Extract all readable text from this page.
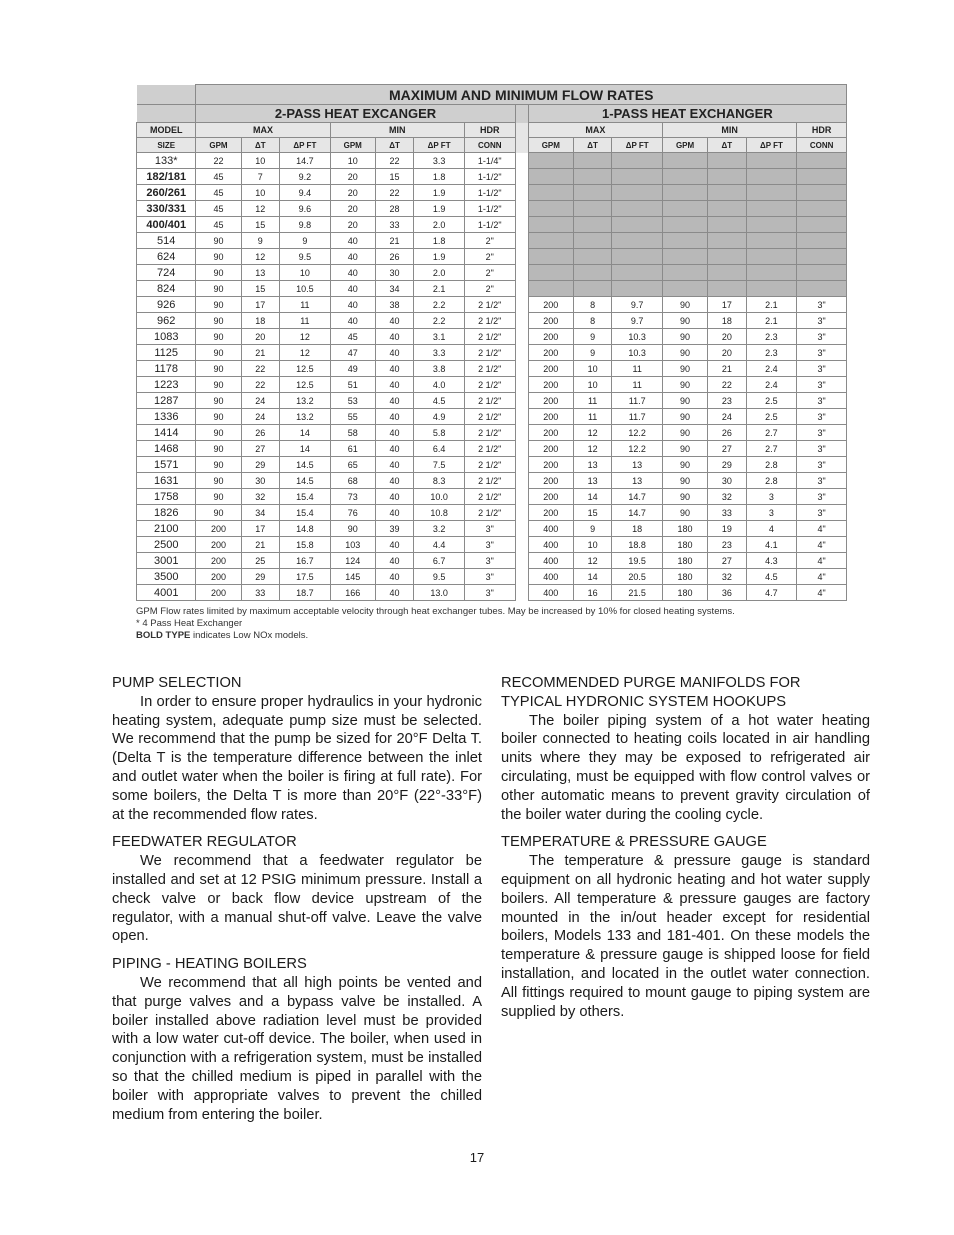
	MAXIMUM AND MINIMUM FLOW RATES														
	2-PASS HEAT EXCANGER								1-PASS HEAT EXCHANGER						
MODEL	MAX			MIN			HDR		MAX			MIN			HDR
SIZE	GPM	ΔT	ΔP FT	GPM	ΔT	ΔP FT	CONN		GPM	ΔT	ΔP FT	GPM	ΔT	ΔP FT	CONN
133*	22	10	14.7	10	22	3.3	1-1/4"								
182/181	45	7	9.2	20	15	1.8	1-1/2"								
260/261	45	10	9.4	20	22	1.9	1-1/2"								
330/331	45	12	9.6	20	28	1.9	1-1/2"								
400/401	45	15	9.8	20	33	2.0	1-1/2"								
514	90	9	9	40	21	1.8	2"								
624	90	12	9.5	40	26	1.9	2"								
724	90	13	10	40	30	2.0	2"								
824	90	15	10.5	40	34	2.1	2"								
926	90	17	11	40	38	2.2	2 1/2"		200	8	9.7	90	17	2.1	3"
962	90	18	11	40	40	2.2	2 1/2"		200	8	9.7	90	18	2.1	3"
1083	90	20	12	45	40	3.1	2 1/2"		200	9	10.3	90	20	2.3	3"
1125	90	21	12	47	40	3.3	2 1/2"		200	9	10.3	90	20	2.3	3"
1178	90	22	12.5	49	40	3.8	2 1/2"		200	10	11	90	21	2.4	3"
1223	90	22	12.5	51	40	4.0	2 1/2"		200	10	11	90	22	2.4	3"
1287	90	24	13.2	53	40	4.5	2 1/2"		200	11	11.7	90	23	2.5	3"
1336	90	24	13.2	55	40	4.9	2 1/2"		200	11	11.7	90	24	2.5	3"
1414	90	26	14	58	40	5.8	2 1/2"		200	12	12.2	90	26	2.7	3"
1468	90	27	14	61	40	6.4	2 1/2"		200	12	12.2	90	27	2.7	3"
1571	90	29	14.5	65	40	7.5	2 1/2"		200	13	13	90	29	2.8	3"
1631	90	30	14.5	68	40	8.3	2 1/2"		200	13	13	90	30	2.8	3"
1758	90	32	15.4	73	40	10.0	2 1/2"		200	14	14.7	90	32	3	3"
1826	90	34	15.4	76	40	10.8	2 1/2"		200	15	14.7	90	33	3	3"
2100	200	17	14.8	90	39	3.2	3"		400	9	18	180	19	4	4"
2500	200	21	15.8	103	40	4.4	3"		400	10	18.8	180	23	4.1	4"
3001	200	25	16.7	124	40	6.7	3"		400	12	19.5	180	27	4.3	4"
3500	200	29	17.5	145	40	9.5	3"		400	14	20.5	180	32	4.5	4"
4001	200	33	18.7	166	40	13.0	3"		400	16	21.5	180	36	4.7	4"
GPM Flow rates limited by maximum acceptable velocity through heat exchanger tubes. May be increased by 10% for closed heating systems.
* 4 Pass Heat Exchanger
BOLD TYPE indicates Low NOx models.

PUMP SELECTION

In order to ensure proper hydraulics in your hydronic heating system, adequate pump size must be selected. We recommend that the pump be sized for 20°F Delta T. (Delta T is the temperature difference between the inlet and outlet water when the boiler is firing at full rate). For some boilers, the Delta T is more than 20°F (22°-33°F) at the recommended flow rates.

FEEDWATER REGULATOR

We recommend that a feedwater regulator be installed and set at 12 PSIG minimum pressure. Install a check valve or back flow device upstream of the regulator, with a manual shut-off valve. Leave the valve open.

PIPING - HEATING BOILERS

We recommend that all high points be vented and that purge valves and a bypass valve be installed. A boiler installed above radiation level must be provided with a low water cut-off device. The boiler, when used in conjunction with a refrigeration system, must be installed so that the chilled medium is piped in parallel with the boiler with appropriate valves to prevent the chilled medium from entering the boiler.

RECOMMENDED PURGE MANIFOLDS FOR

TYPICAL HYDRONIC SYSTEM HOOKUPS

The boiler piping system of a hot water heating boiler connected to heating coils located in air handling units where they may be exposed to refrigerated air circulating, must be equipped with flow control valves or other automatic means to prevent gravity circulation of the boiler water during the cooling cycle.

TEMPERATURE & PRESSURE GAUGE

The temperature & pressure gauge is standard equipment on all hydronic heating and hot water supply boilers. All temperature & pressure gauges are factory mounted in the in/out header except for residential boilers, Models 133 and 181-401. On these models the temperature & pressure gauge is shipped loose for field installation, and located in the outlet water connection. All fittings required to mount gauge to piping system are supplied by others.

17
